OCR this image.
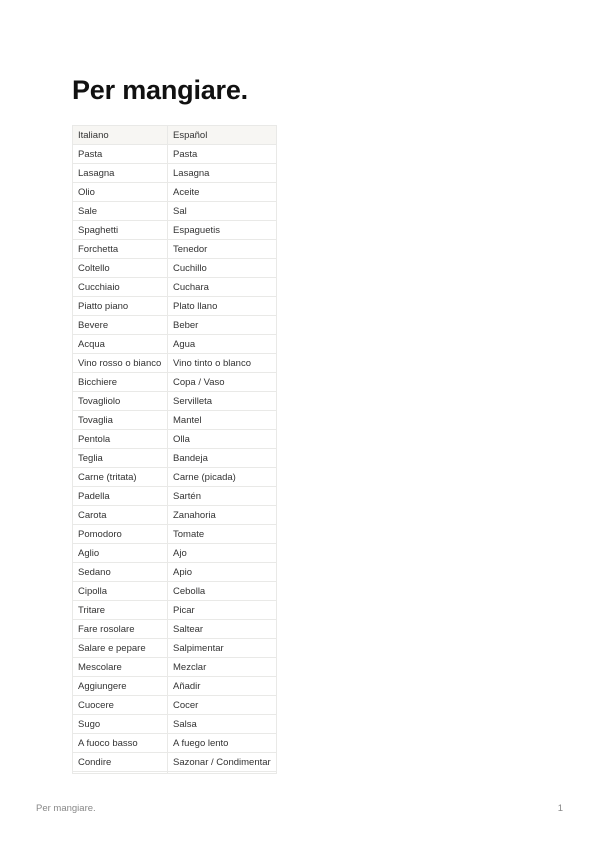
Per mangiare.
Italiano	Español
Pasta	Pasta
Lasagna	Lasagna
Olio	Aceite
Sale	Sal
Spaghetti	Espaguetis
Forchetta	Tenedor
Coltello	Cuchillo
Cucchiaio	Cuchara
Piatto piano	Plato llano
Bevere	Beber
Acqua	Agua
Vino rosso o bianco	Vino tinto o blanco
Bicchiere	Copa / Vaso
Tovagliolo	Servilleta
Tovaglia	Mantel
Pentola	Olla
Teglia	Bandeja
Carne (tritata)	Carne (picada)
Padella	Sartén
Carota	Zanahoria
Pomodoro	Tomate
Aglio	Ajo
Sedano	Apio
Cipolla	Cebolla
Tritare	Picar
Fare rosolare	Saltear
Salare e pepare	Salpimentar
Mescolare	Mezclar
Aggiungere	Añadir
Cuocere	Cocer
Sugo	Salsa
A fuoco basso	A fuego lento
Condire	Sazonar / Condimentar

Per mangiare.	1
